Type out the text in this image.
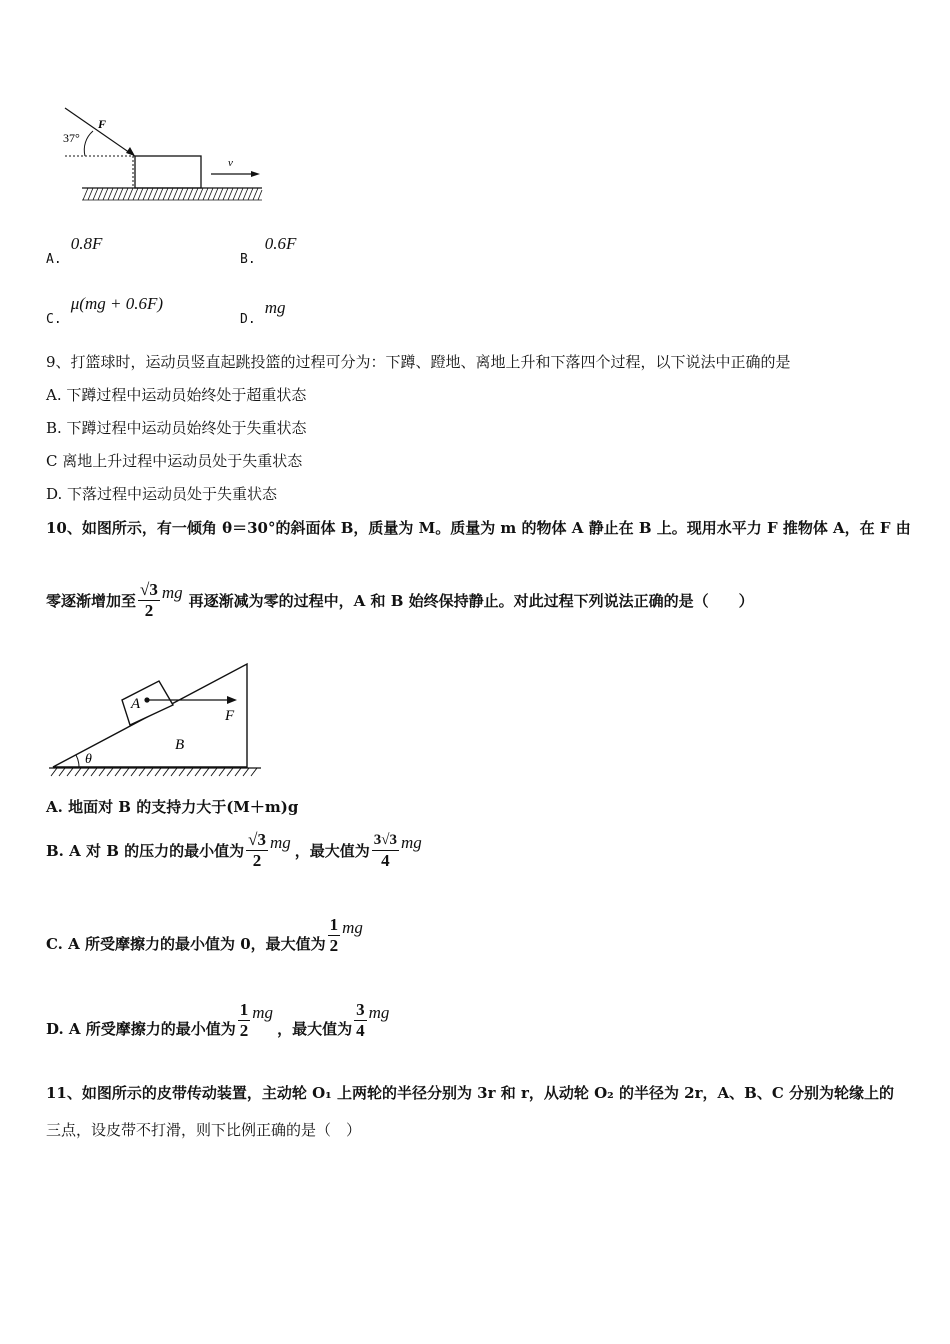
37°
F
v
$_{A.}$ 0.8F
$_{B.}$ 0.6F
$_{C.}$ μ(mg + 0.6F)
$_{D.}$ mg
9、打篮球时，运动员竖直起跳投篮的过程可分为：下蹲、蹬地、离地上升和下落四个过程，以下说法中正确的是
A. 下蹲过程中运动员始终处于超重状态
B. 下蹲过程中运动员始终处于失重状态
C 离地上升过程中运动员处于失重状态
D. 下落过程中运动员处于失重状态
10、如图所示，有一倾角 θ＝30°的斜面体 B，质量为 M。质量为 m 的物体 A 静止在 B 上。现用水平力 F 推物体 A，在 F 由
零逐渐增加至 $\frac{√3}{2}$ mg 再逐渐减为零的过程中，A 和 B 始终保持静止。对此过程下列说法正确的是（　　）
A
F
B
θ
A. 地面对 B 的支持力大于(M＋m)g
B. A 对 B 的压力的最小值为 $\frac{√3}{2}$ mg ，最大值为 $\frac{3√3}{4}$ mg
C. A 所受摩擦力的最小值为 0，最大值为 $\frac{1}{2}$ mg
D. A 所受摩擦力的最小值为 $\frac{1}{2}$ mg
，最大值为 $\frac{3}{4}$ mg
11、如图所示的皮带传动装置，主动轮 O₁ 上两轮的半径分别为 3r 和 r，从动轮 O₂ 的半径为 2r，A、B、C 分别为轮缘上的
三点，设皮带不打滑，则下比例正确的是（　）
